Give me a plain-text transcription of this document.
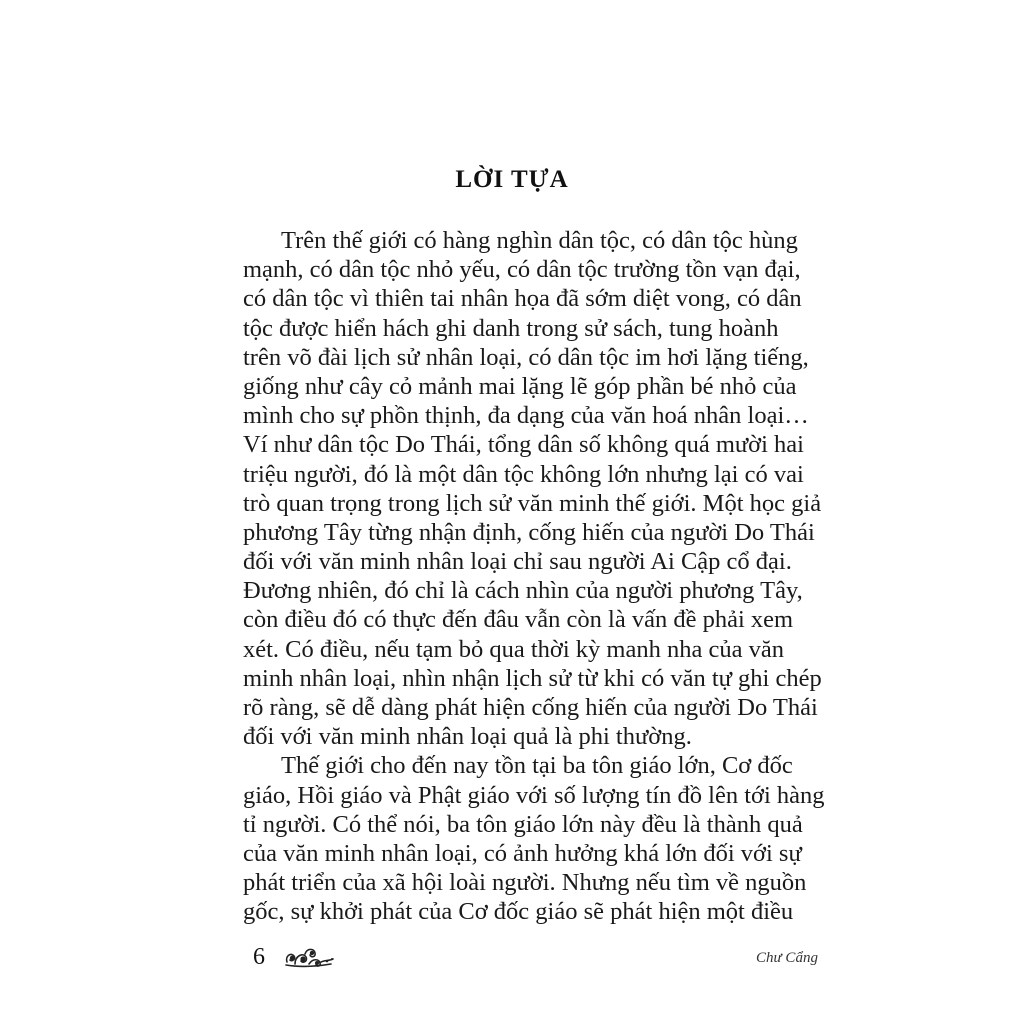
LỜI TỰA
Trên thế giới có hàng nghìn dân tộc, có dân tộc hùng
mạnh, có dân tộc nhỏ yếu, có dân tộc trường tồn vạn đại,
có dân tộc vì thiên tai nhân họa đã sớm diệt vong, có dân
tộc được hiển hách ghi danh trong sử sách, tung hoành
trên võ đài lịch sử nhân loại, có dân tộc im hơi lặng tiếng,
giống như cây cỏ mảnh mai lặng lẽ góp phần bé nhỏ của
mình cho sự phồn thịnh, đa dạng của văn hoá nhân loại…
Ví như dân tộc Do Thái, tổng dân số không quá mười hai
triệu người, đó là một dân tộc không lớn nhưng lại có vai
trò quan trọng trong lịch sử văn minh thế giới. Một học giả
phương Tây từng nhận định, cống hiến của người Do Thái
đối với văn minh nhân loại chỉ sau người Ai Cập cổ đại.
Đương nhiên, đó chỉ là cách nhìn của người phương Tây,
còn điều đó có thực đến đâu vẫn còn là vấn đề phải xem
xét. Có điều, nếu tạm bỏ qua thời kỳ manh nha của văn
minh nhân loại, nhìn nhận lịch sử từ khi có văn tự ghi chép
rõ ràng, sẽ dễ dàng phát hiện cống hiến của người Do Thái
đối với văn minh nhân loại quả là phi thường.
Thế giới cho đến nay tồn tại ba tôn giáo lớn, Cơ đốc
giáo, Hồi giáo và Phật giáo với số lượng tín đồ lên tới hàng
tỉ người. Có thể nói, ba tôn giáo lớn này đều là thành quả
của văn minh nhân loại, có ảnh hưởng khá lớn đối với sự
phát triển của xã hội loài người. Nhưng nếu tìm về nguồn
gốc, sự khởi phát của Cơ đốc giáo sẽ phát hiện một điều
6	Chư Cẩng
